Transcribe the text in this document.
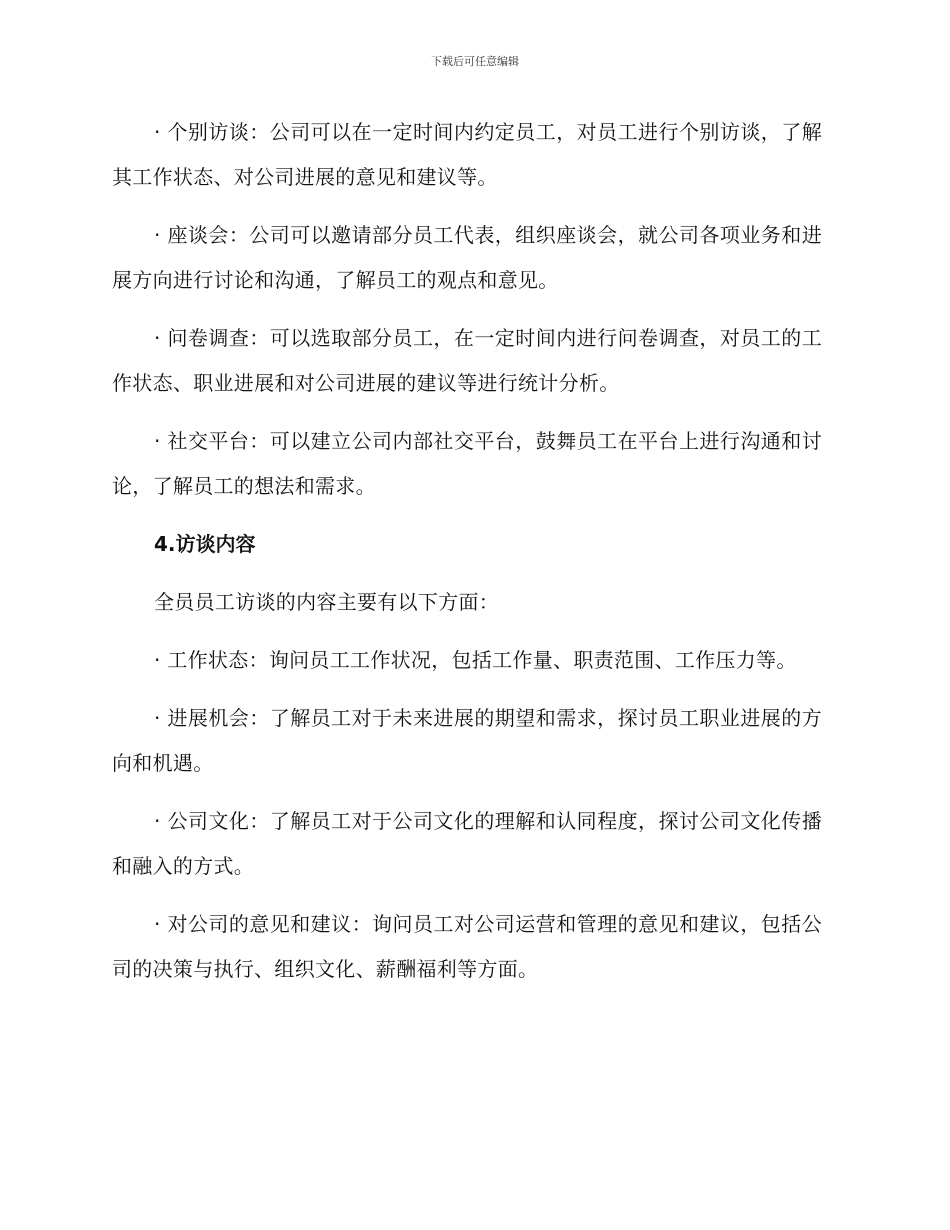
下载后可任意编辑

· 个别访谈：公司可以在一定时间内约定员工，对员工进行个别访谈，了解其工作状态、对公司进展的意见和建议等。

· 座谈会：公司可以邀请部分员工代表，组织座谈会，就公司各项业务和进展方向进行讨论和沟通，了解员工的观点和意见。

· 问卷调查：可以选取部分员工，在一定时间内进行问卷调查，对员工的工作状态、职业进展和对公司进展的建议等进行统计分析。

· 社交平台：可以建立公司内部社交平台，鼓舞员工在平台上进行沟通和讨论，了解员工的想法和需求。

4.访谈内容

全员员工访谈的内容主要有以下方面：

· 工作状态：询问员工工作状况，包括工作量、职责范围、工作压力等。

· 进展机会：了解员工对于未来进展的期望和需求，探讨员工职业进展的方向和机遇。

· 公司文化：了解员工对于公司文化的理解和认同程度，探讨公司文化传播和融入的方式。

· 对公司的意见和建议：询问员工对公司运营和管理的意见和建议，包括公司的决策与执行、组织文化、薪酬福利等方面。
